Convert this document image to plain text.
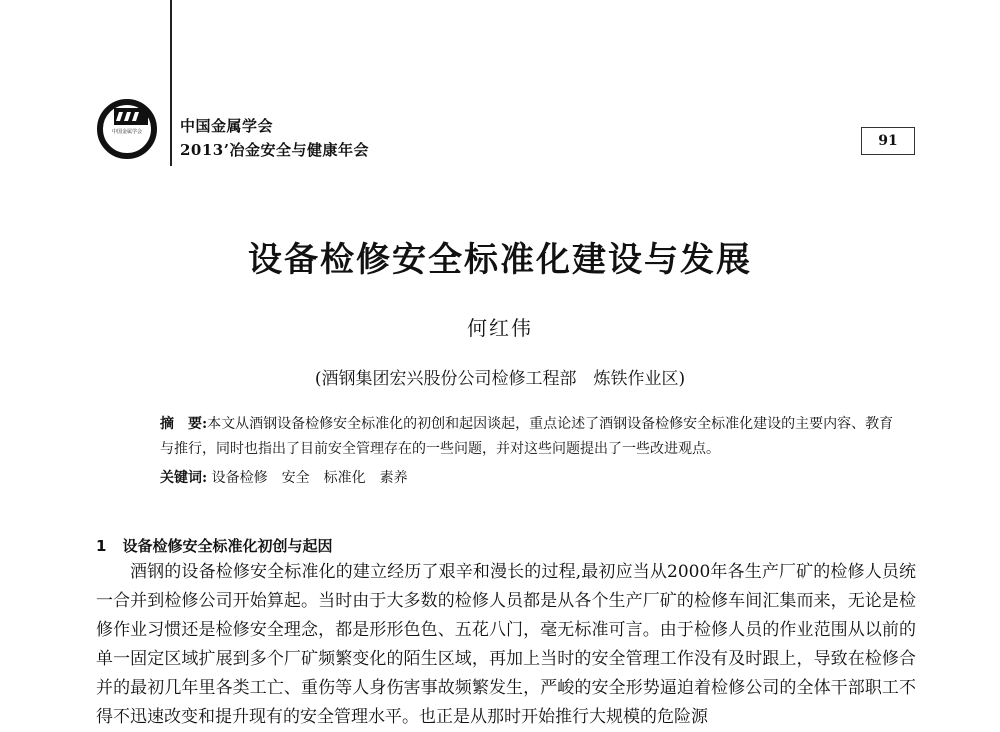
中国金属学会	中国金属学会
2013’冶金安全与健康年会	91
设备检修安全标准化建设与发展
何红伟
(酒钢集团宏兴股份公司检修工程部　炼铁作业区)

摘　要:本文从酒钢设备检修安全标准化的初创和起因谈起，重点论述了酒钢设备检修安全标准化建设的主要内容、教育与推行，同时也指出了目前安全管理存在的一些问题，并对这些问题提出了一些改进观点。

关键词: 设备检修　安全　标准化　素养
1 设备检修安全标准化初创与起因

酒钢的设备检修安全标准化的建立经历了艰辛和漫长的过程,最初应当从2000年各生产厂矿的检修人员统一合并到检修公司开始算起。当时由于大多数的检修人员都是从各个生产厂矿的检修车间汇集而来，无论是检修作业习惯还是检修安全理念，都是形形色色、五花八门，毫无标准可言。由于检修人员的作业范围从以前的单一固定区域扩展到多个厂矿频繁变化的陌生区域，再加上当时的安全管理工作没有及时跟上，导致在检修合并的最初几年里各类工亡、重伤等人身伤害事故频繁发生，严峻的安全形势逼迫着检修公司的全体干部职工不得不迅速改变和提升现有的安全管理水平。也正是从那时开始推行大规模的危险源
